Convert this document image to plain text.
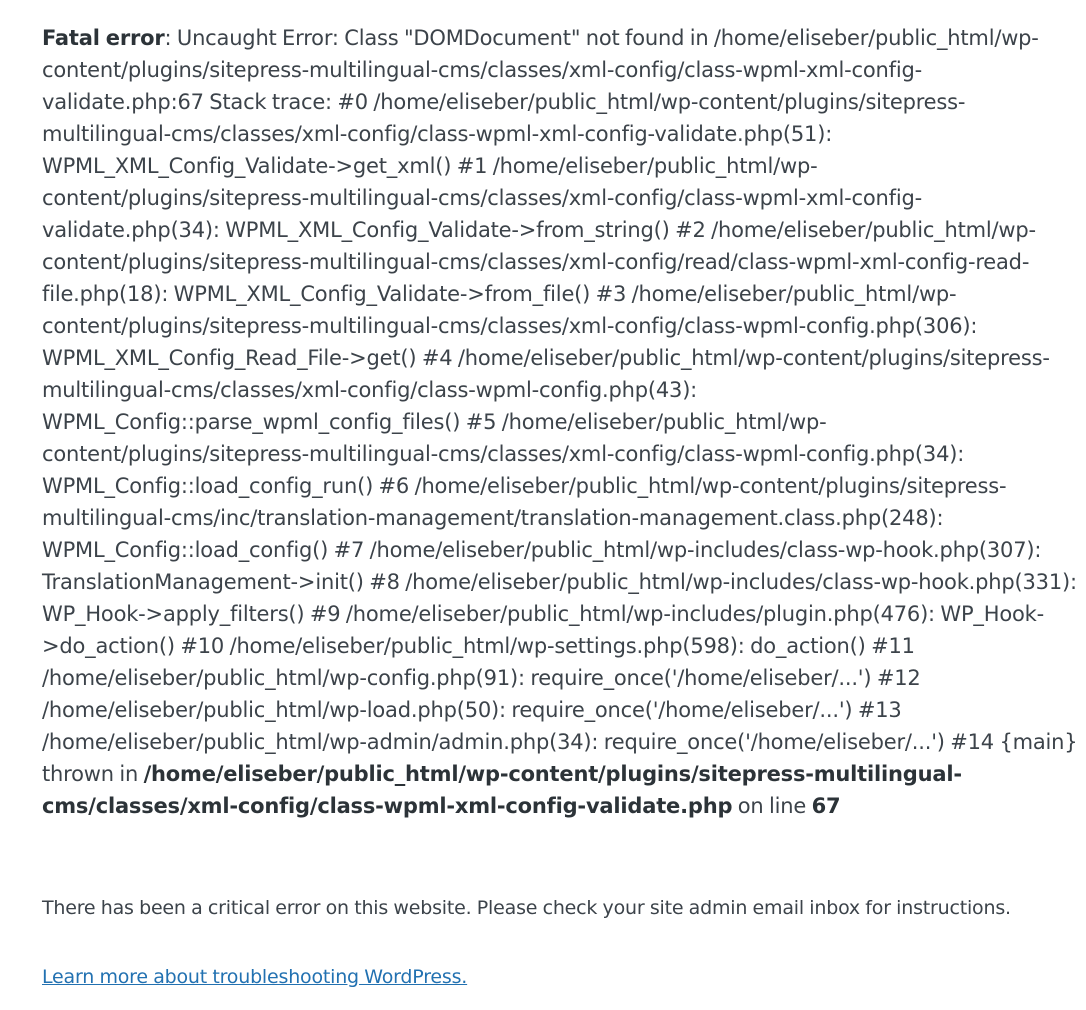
Fatal error: Uncaught Error: Class "DOMDocument" not found in /home/eliseber/public_html/wp-content/plugins/sitepress-multilingual-cms/classes/xml-config/class-wpml-xml-config-validate.php:67 Stack trace: #0 /home/eliseber/public_html/wp-content/plugins/sitepress-multilingual-cms/classes/xml-config/class-wpml-xml-config-validate.php(51): WPML_XML_Config_Validate->get_xml() #1 /home/eliseber/public_html/wp-content/plugins/sitepress-multilingual-cms/classes/xml-config/class-wpml-xml-config-validate.php(34): WPML_XML_Config_Validate->from_string() #2 /home/eliseber/public_html/wp-content/plugins/sitepress-multilingual-cms/classes/xml-config/read/class-wpml-xml-config-read-file.php(18): WPML_XML_Config_Validate->from_file() #3 /home/eliseber/public_html/wp-content/plugins/sitepress-multilingual-cms/classes/xml-config/class-wpml-config.php(306): WPML_XML_Config_Read_File->get() #4 /home/eliseber/public_html/wp-content/plugins/sitepress-multilingual-cms/classes/xml-config/class-wpml-config.php(43): WPML_Config::parse_wpml_config_files() #5 /home/eliseber/public_html/wp-content/plugins/sitepress-multilingual-cms/classes/xml-config/class-wpml-config.php(34): WPML_Config::load_config_run() #6 /home/eliseber/public_html/wp-content/plugins/sitepress-multilingual-cms/inc/translation-management/translation-management.class.php(248): WPML_Config::load_config() #7 /home/eliseber/public_html/wp-includes/class-wp-hook.php(307): TranslationManagement->init() #8 /home/eliseber/public_html/wp-includes/class-wp-hook.php(331): WP_Hook->apply_filters() #9 /home/eliseber/public_html/wp-includes/plugin.php(476): WP_Hook->do_action() #10 /home/eliseber/public_html/wp-settings.php(598): do_action() #11 /home/eliseber/public_html/wp-config.php(91): require_once('/home/eliseber/...') #12 /home/eliseber/public_html/wp-load.php(50): require_once('/home/eliseber/...') #13 /home/eliseber/public_html/wp-admin/admin.php(34): require_once('/home/eliseber/...') #14 {main} thrown in /home/eliseber/public_html/wp-content/plugins/sitepress-multilingual-cms/classes/xml-config/class-wpml-xml-config-validate.php on line 67

There has been a critical error on this website. Please check your site admin email inbox for instructions.

Learn more about troubleshooting WordPress.
